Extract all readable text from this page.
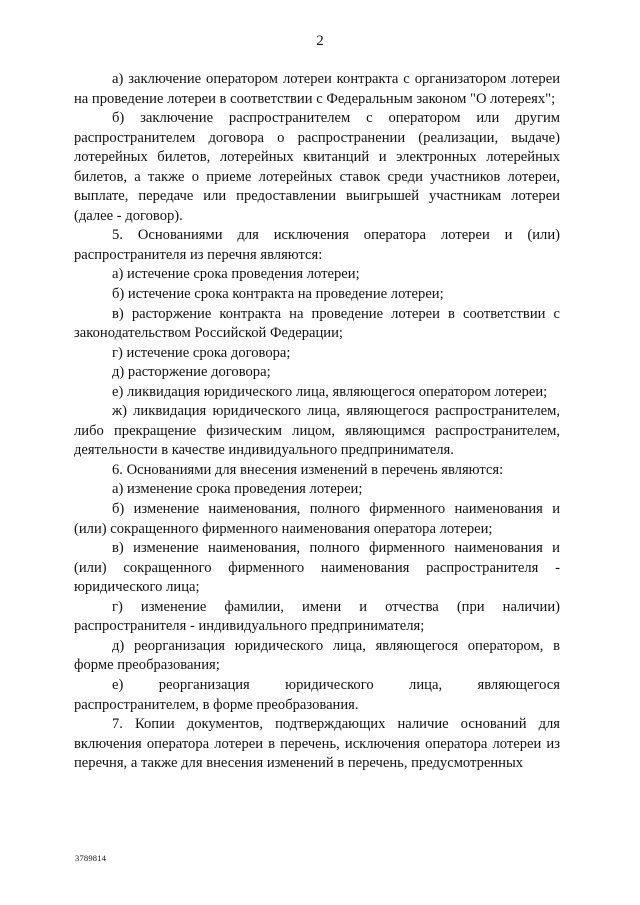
2

а) заключение оператором лотереи контракта с организатором лотереи на проведение лотереи в соответствии с Федеральным законом "О лотереях";

б) заключение распространителем с оператором или другим распространителем договора о распространении (реализации, выдаче) лотерейных билетов, лотерейных квитанций и электронных лотерейных билетов, а также о приеме лотерейных ставок среди участников лотереи, выплате, передаче или предоставлении выигрышей участникам лотереи (далее - договор).

5. Основаниями для исключения оператора лотереи и (или) распространителя из перечня являются:

а) истечение срока проведения лотереи;

б) истечение срока контракта на проведение лотереи;

в) расторжение контракта на проведение лотереи в соответствии с законодательством Российской Федерации;

г) истечение срока договора;

д) расторжение договора;

е) ликвидация юридического лица, являющегося оператором лотереи;

ж) ликвидация юридического лица, являющегося распространителем, либо прекращение физическим лицом, являющимся распространителем, деятельности в качестве индивидуального предпринимателя.

6. Основаниями для внесения изменений в перечень являются:

а) изменение срока проведения лотереи;

б) изменение наименования, полного фирменного наименования и (или) сокращенного фирменного наименования оператора лотереи;

в) изменение наименования, полного фирменного наименования и (или) сокращенного фирменного наименования распространителя - юридического лица;

г) изменение фамилии, имени и отчества (при наличии) распространителя - индивидуального предпринимателя;

д) реорганизация юридического лица, являющегося оператором, в форме преобразования;

е) реорганизация юридического лица, являющегося распространителем, в форме преобразования.

7. Копии документов, подтверждающих наличие оснований для включения оператора лотереи в перечень, исключения оператора лотереи из перечня, а также для внесения изменений в перечень, предусмотренных

3789814
